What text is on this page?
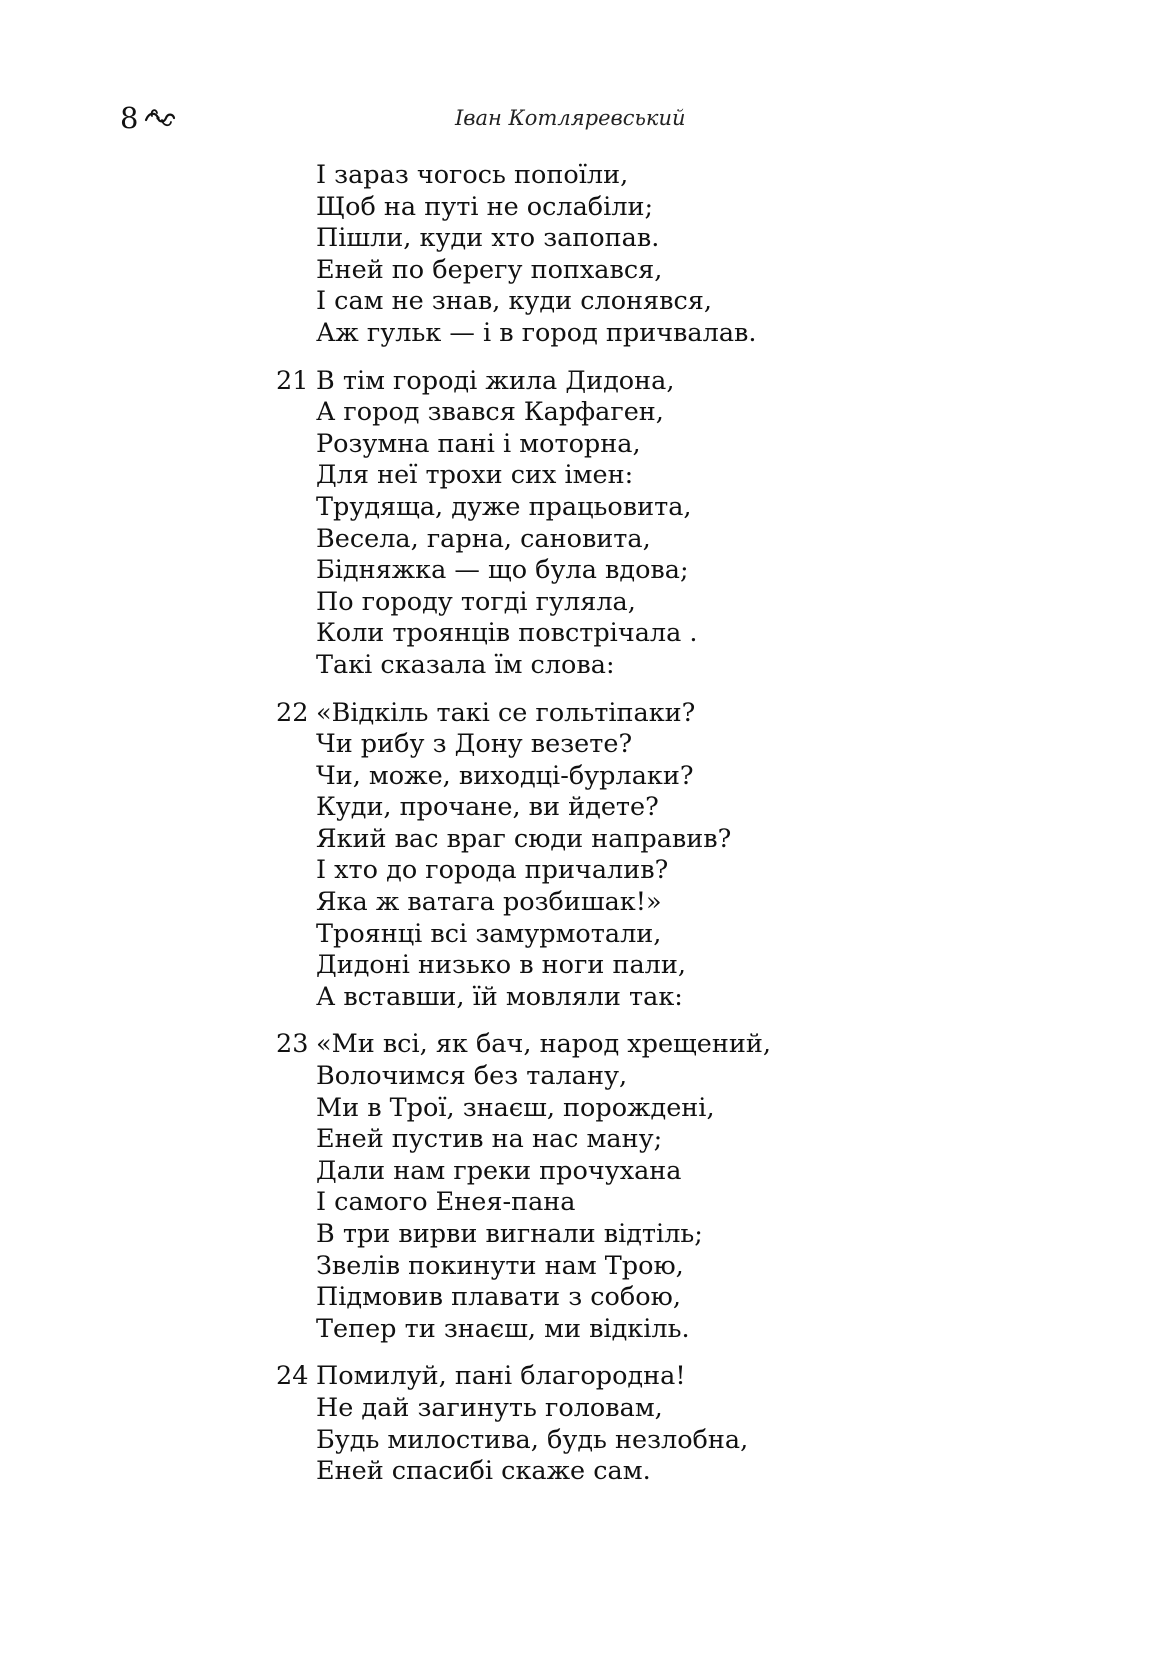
8	Іван Котляревський
І зараз чогось попоїли,
Щоб на путі не ослабіли;
Пішли, куди хто запопав.
Еней по берегу попхався,
І сам не знав, куди слонявся,
Аж гульк — і в город причвалав.
21 В тім городі жила Дидона,
А город звався Карфаген,
Розумна пані і моторна,
Для неї трохи сих імен:
Трудяща, дуже працьовита,
Весела, гарна, сановита,
Бідняжка — що була вдова;
По городу тогді гуляла,
Коли троянців повстрічала .
Такі сказала їм слова:
22 «Відкіль такі се гольтіпаки?
Чи рибу з Дону везете?
Чи, може, виходці-бурлаки?
Куди, прочане, ви йдете?
Який вас враг сюди направив?
І хто до города причалив?
Яка ж ватага розбишак!»
Троянці всі замурмотали,
Дидоні низько в ноги пали,
А вставши, їй мовляли так:
23 «Ми всі, як бач, народ хрещений,
Волочимся без талану,
Ми в Трої, знаєш, порождені,
Еней пустив на нас ману;
Дали нам греки прочухана
І самого Енея-пана
В три вирви вигнали відтіль;
Звелів покинути нам Трою,
Підмовив плавати з собою,
Тепер ти знаєш, ми відкіль.
24 Помилуй, пані благородна!
Не дай загинуть головам,
Будь милостива, будь незлобна,
Еней спасибі скаже сам.
